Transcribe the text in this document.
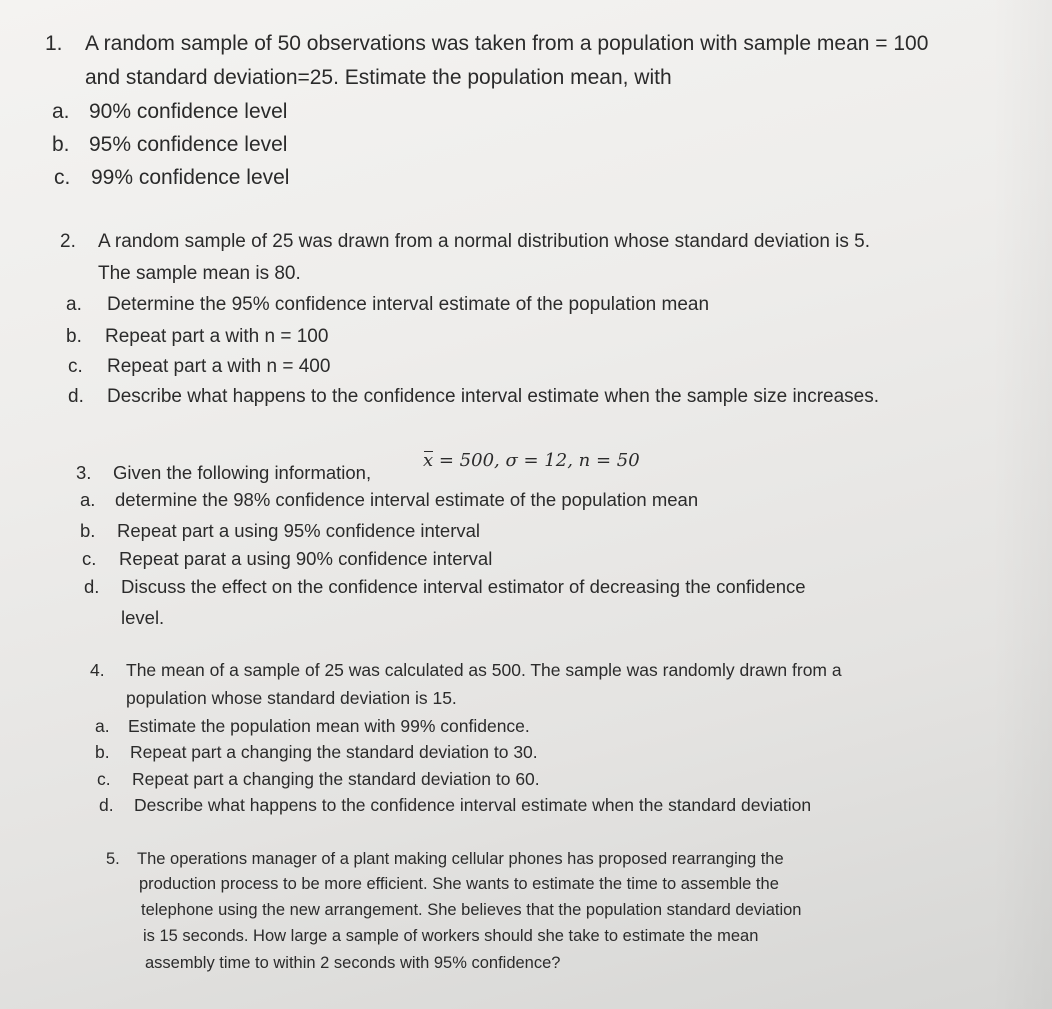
1. A random sample of 50 observations was taken from a population with sample mean = 100
and standard deviation=25. Estimate the population mean, with
a. 90% confidence level
b. 95% confidence level
c. 99% confidence level
2. A random sample of 25 was drawn from a normal distribution whose standard deviation is 5.
The sample mean is 80.
a. Determine the 95% confidence interval estimate of the population mean
b. Repeat part a with n = 100
c. Repeat part a with n = 400
d. Describe what happens to the confidence interval estimate when the sample size increases.
3. Given the following information,
x = 500, σ = 12, n = 50
a. determine the 98% confidence interval estimate of the population mean
b. Repeat part a using 95% confidence interval
c. Repeat parat a using 90% confidence interval
d. Discuss the effect on the confidence interval estimator of decreasing the confidence
level.
4. The mean of a sample of 25 was calculated as 500. The sample was randomly drawn from a
population whose standard deviation is 15.
a. Estimate the population mean with 99% confidence.
b. Repeat part a changing the standard deviation to 30.
c. Repeat part a changing the standard deviation to 60.
d. Describe what happens to the confidence interval estimate when the standard deviation
5. The operations manager of a plant making cellular phones has proposed rearranging the
production process to be more efficient. She wants to estimate the time to assemble the
telephone using the new arrangement. She believes that the population standard deviation
is 15 seconds. How large a sample of workers should she take to estimate the mean
assembly time to within 2 seconds with 95% confidence?
